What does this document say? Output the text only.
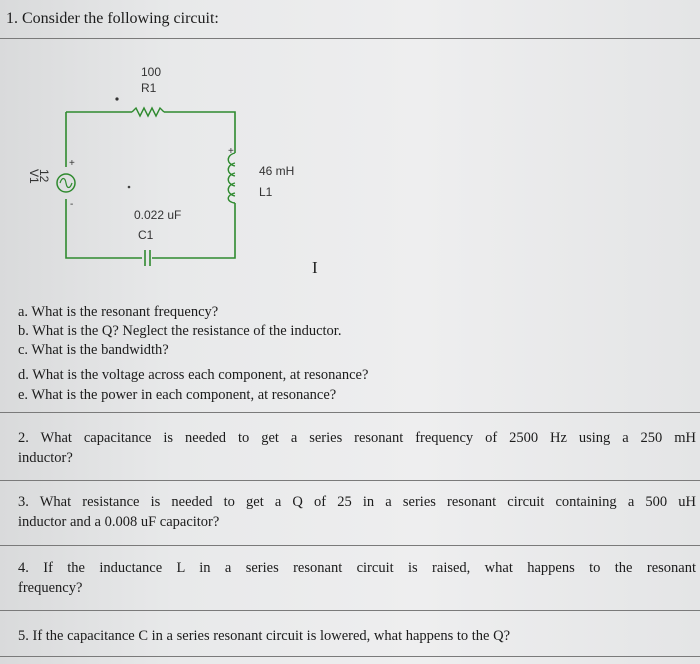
1. Consider the following circuit:
+
+
-
100
R1
46 mH
L1
0.022 uF
C1
12
V1
I
a. What is the resonant frequency?
b. What is the Q? Neglect the resistance of the inductor.
c. What is the bandwidth?
d. What is the voltage across each component, at resonance?
e. What is the power in each component, at resonance?
2. What capacitance is needed to get a series resonant frequency of 2500 Hz using a 250 mH
inductor?
3. What resistance is needed to get a Q of 25 in a series resonant circuit containing a 500 uH
inductor and a 0.008 uF capacitor?
4. If the inductance L in a series resonant circuit is raised, what happens to the resonant
frequency?
5. If the capacitance C in a series resonant circuit is lowered, what happens to the Q?
